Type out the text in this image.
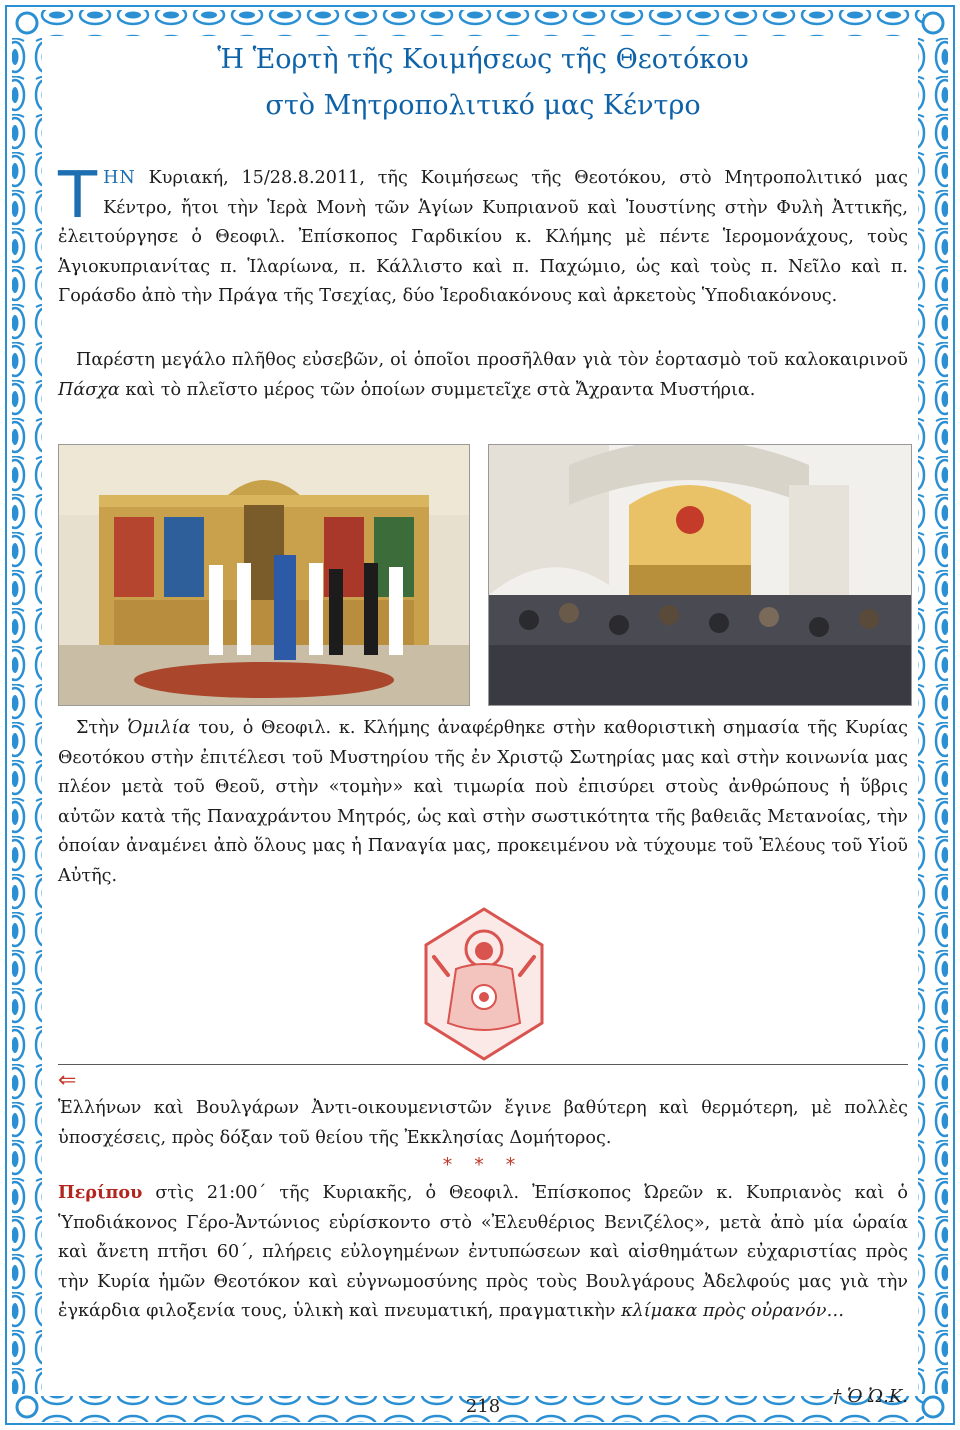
Ἡ Ἑορτὴ τῆς Κοιμήσεως τῆς Θεοτόκου
στὸ Μητροπολιτικό μας Κέντρο

ΤΗΝ Κυριακή, 15/28.8.2011, τῆς Κοιμήσεως τῆς Θεοτόκου, στὸ Μητροπολιτικό μας Κέντρο, ἤτοι τὴν Ἱερὰ Μονὴ τῶν Ἁγίων Κυπριανοῦ καὶ Ἰουστίνης στὴν Φυλὴ Ἀττικῆς, ἐλειτούργησε ὁ Θεοφιλ. Ἐπίσκοπος Γαρδικίου κ. Κλήμης μὲ πέντε Ἱερομονάχους, τοὺς Ἁγιοκυπριανίτας π. Ἱλαρίωνα, π. Κάλλιστο καὶ π. Παχώμιο, ὡς καὶ τοὺς π. Νεῖλο καὶ π. Γοράσδο ἀπὸ τὴν Πράγα τῆς Τσεχίας, δύο Ἱεροδιακόνους καὶ ἀρκετοὺς Ὑποδιακόνους.

Παρέστη μεγάλο πλῆθος εὐσεβῶν, οἱ ὁποῖοι προσῆλθαν γιὰ τὸν ἑορτασμὸ τοῦ καλοκαιρινοῦ Πάσχα καὶ τὸ πλεῖστο μέρος τῶν ὁποίων συμμετεῖχε στὰ Ἄχραντα Μυστήρια.

Στὴν Ὁμιλία του, ὁ Θεοφιλ. κ. Κλήμης ἀναφέρθηκε στὴν καθοριστικὴ σημασία τῆς Κυρίας Θεοτόκου στὴν ἐπιτέλεσι τοῦ Μυστηρίου τῆς ἐν Χριστῷ Σωτηρίας μας καὶ στὴν κοινωνία μας πλέον μετὰ τοῦ Θεοῦ, στὴν «τομὴν» καὶ τιμωρία ποὺ ἐπισύρει στοὺς ἀνθρώπους ἡ ὕβρις αὐτῶν κατὰ τῆς Παναχράντου Μητρός, ὡς καὶ στὴν σωστικότητα τῆς βαθειᾶς Μετανοίας, τὴν ὁποίαν ἀναμένει ἀπὸ ὅλους μας ἡ Παναγία μας, προκειμένου νὰ τύχουμε τοῦ Ἐλέους τοῦ Υἱοῦ Αὐτῆς.

⇐

Ἑλλήνων καὶ Βουλγάρων Ἀντι-οικουμενιστῶν ἔγινε βαθύτερη καὶ θερμότερη, μὲ πολλὲς ὑποσχέσεις, πρὸς δόξαν τοῦ θείου τῆς Ἐκκλησίας Δομήτορος.

* * *

Περίπου στὶς 21:00΄ τῆς Κυριακῆς, ὁ Θεοφιλ. Ἐπίσκοπος Ὠρεῶν κ. Κυπριανὸς καὶ ὁ Ὑποδιάκονος Γέρο-Ἀντώνιος εὑρίσκοντο στὸ «Ἐλευθέριος Βενιζέλος», μετὰ ἀπὸ μία ὡραία καὶ ἄνετη πτῆσι 60΄, πλήρεις εὐλογημένων ἐντυπώσεων καὶ αἰσθημάτων εὐχαριστίας πρὸς τὴν Κυρία ἡμῶν Θεοτόκον καὶ εὐγνωμοσύνης πρὸς τοὺς Βουλγάρους Ἀδελφούς μας γιὰ τὴν ἐγκάρδια φιλοξενία τους, ὑλικὴ καὶ πνευματική, πραγματικὴν κλίμακα πρὸς οὐρανόν…

† Ὁ Ὠ.Κ.
218
